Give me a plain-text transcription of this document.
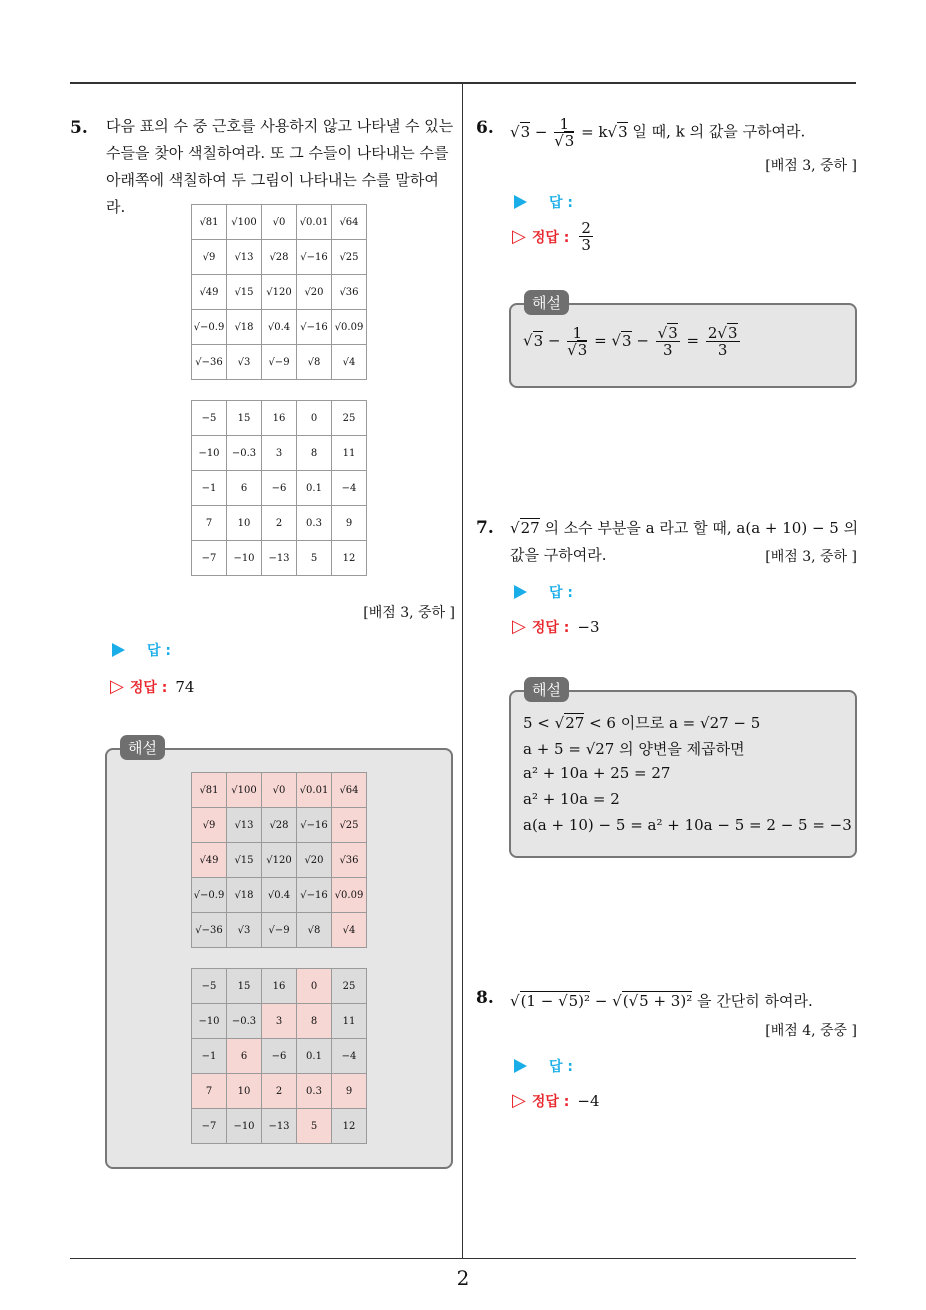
5. 다음 표의 수 중 근호를 사용하지 않고 나타낼 수 있는
수들을 찾아 색칠하여라. 또 그 수들이 나타내는 수를
아래쪽에 색칠하여 두 그림이 나타내는 수를 말하여라.
√81	√100	√0	√0.01	√64
√9	√13	√28	√−16	√25
√49	√15	√120	√20	√36
√−0.9	√18	√0.4	√−16	√0.09
√−36	√3	√−9	√8	√4
−5	15	16	0	25
−10	−0.3	3	8	11
−1	6	−6	0.1	−4
7	10	2	0.3	9
−7	−10	−13	5	12
[배점 3, 중하 ]
답 :
▷ 정답 : 74
√81	√100	√0	√0.01	√64
√9	√13	√28	√−16	√25
√49	√15	√120	√20	√36
√−0.9	√18	√0.4	√−16	√0.09
√−36	√3	√−9	√8	√4
−5	15	16	0	25
−10	−0.3	3	8	11
−1	6	−6	0.1	−4
7	10	2	0.3	9
−7	−10	−13	5	12
해설
6. $√3 - \frac{1}{√3} = k√3$ 일 때, k 의 값을 구하여라.
[배점 3, 중하 ]
답 :
▷ 정답 : $\frac{2}{3}$
$√3 - \frac{1}{√3} = √3 - \frac{√3}{3} = \frac{2√3}{3}$
해설
7. √27 의 소수 부분을 a 라고 할 때, a(a + 10) − 5 의
값을 구하여라.	[배점 3, 중하 ]
답 :
▷ 정답 : −3
5 < √27 < 6 이므로 a = √27 − 5
a + 5 = √27 의 양변을 제곱하면
a² + 10a + 25 = 27
a² + 10a = 2
a(a + 10) − 5 = a² + 10a − 5 = 2 − 5 = −3
해설
8. √(1 − √5)² − √(√5 + 3)² 을 간단히 하여라.
[배점 4, 중중 ]
답 :
▷ 정답 : −4
2
